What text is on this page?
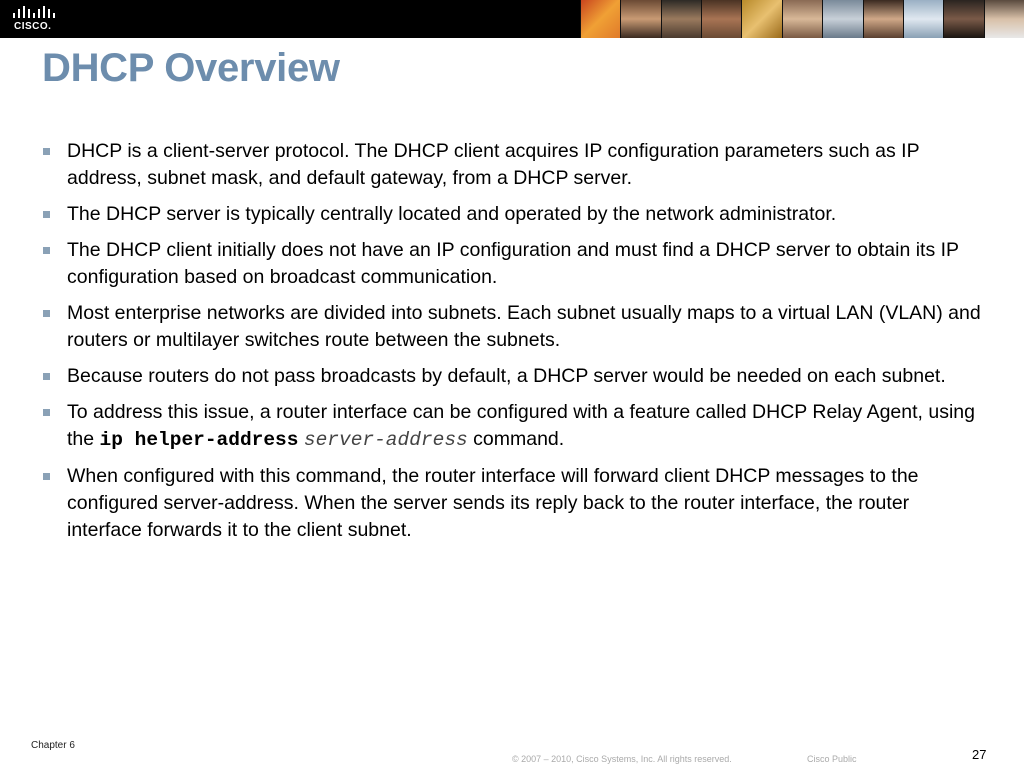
CISCO.
DHCP Overview
DHCP is a client-server protocol. The DHCP client acquires IP configuration parameters such as IP address, subnet mask, and default gateway, from a DHCP server.
The DHCP server is typically centrally located and operated by the network administrator.
The DHCP client initially does not have an IP configuration and must find a DHCP server to obtain its IP configuration based on broadcast communication.
Most enterprise networks are divided into subnets. Each subnet usually maps to a virtual LAN (VLAN) and routers or multilayer switches route between the subnets.
Because routers do not pass broadcasts by default, a DHCP server would be needed on each subnet.
To address this issue, a router interface can be configured with a feature called DHCP Relay Agent, using the ip helper-address server-address command.
When configured with this command, the router interface will forward client DHCP messages to the configured server-address. When the server sends its reply back to the router interface, the router interface forwards it to the client subnet.
Chapter 6
© 2007 – 2010, Cisco Systems, Inc. All rights reserved.	Cisco Public	27
